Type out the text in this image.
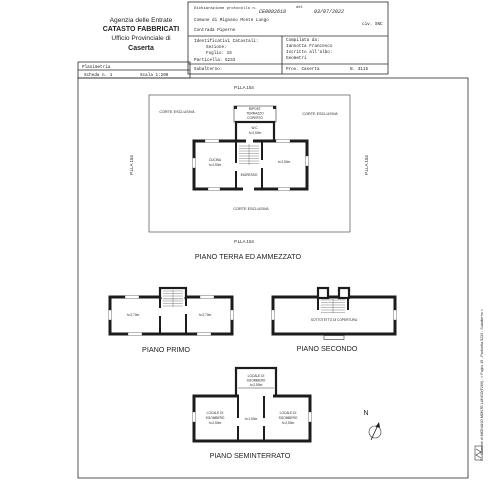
Agenzia delle Entrate
CATASTO FABBRICATI
Ufficio Provinciale di
Caserta
Dichiarazione protocollo n. CE0082618
del
03/07/2022
Comune di Mignano Monte Lungo
Contrada Piperne
civ. SNC
Identificativi Catastali:
Sezione:
Foglio: 15
Particella: 5233
Subalterno:
Compilata da:
Iannotta Francesco
Iscritto all'albo:
Geometri
Prov. Caserta	N. 3115
Planimetria
Scheda n. 1	Scala 1:200
P.LLA 154
P.LLA 154	P.LLA 154
P.LLA 154
CORTE ESCLUSIVA	CORTE ESCLUSIVA
CORTE ESCLUSIVA
RIPOST.
TERRAZZO
COPERTO
W.C.
h=2,50m
CUCINA
h=2,50m
h=2,50m
INGRESSO
PIANO TERRA ED AMMEZZATO
h=2,70m	h=2,70m
PIANO PRIMO
SOTTOTETTO DI COPERTURA
PIANO SECONDO
LOCALE DI
SGOMBERO
h=2,50m
LOCALE DI
SGOMBERO
h=2,50m
LOCALE DI
SGOMBERO
h=2,50m
h=1,50m
PIANO SEMINTERRATO
N	F. - Comune di MIGNANO MONTE LUNGO(F260) - < Foglio 15 - Particella 5233 - Subalterno >
